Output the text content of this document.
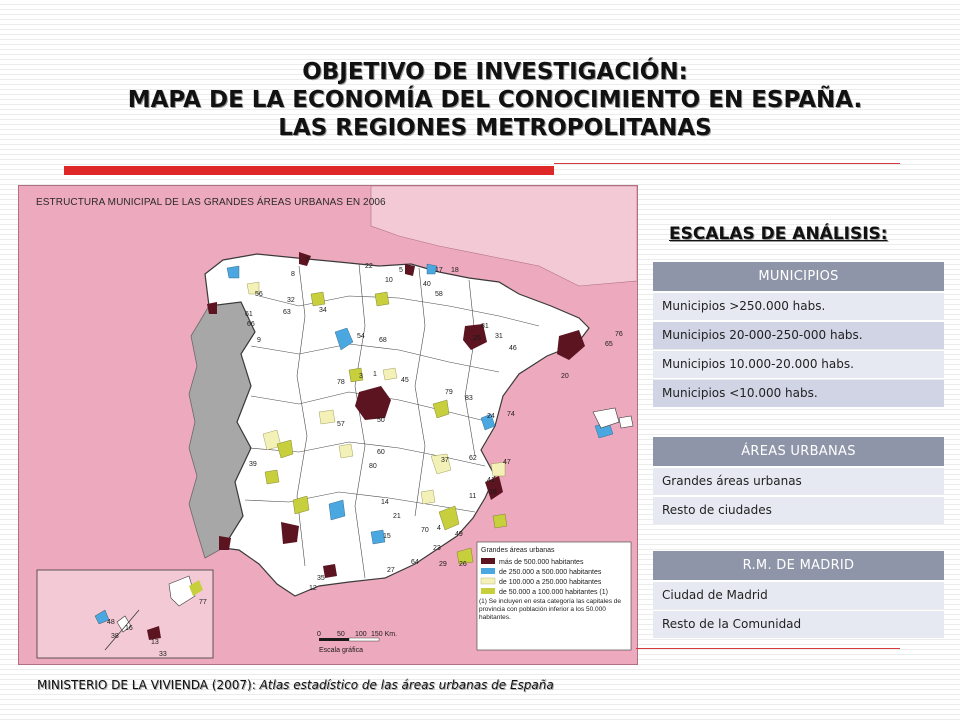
OBJETIVO DE INVESTIGACIÓN:
MAPA DE LA ECONOMÍA DEL CONOCIMIENTO EN ESPAÑA.
LAS REGIONES METROPOLITANAS
Grandes áreas urbanas
más de 500.000 habitantes
de 250.000 a 500.000 habitantes
de 100.000 a 250.000 habitantes
de 50.000 a 100.000 habitantes (1)
(1) Se incluyen en esta categoría las capitales de provincia con población inferior a los 50.000 habitantes.
0 50 100 150 Km.
Escala gráfica
7
22
5	17 18
10
40
58
56
61
32
34
63
66
9
8
81
25 31
46
54
68
3
76
65
20
78
1
45
79
83
57
50
24 74
60
37	62
47
41
39	80
28
11
14
4
49
70
21
15
23
29 26
35
12
27
64
48
16
38
13
33
77
ESTRUCTURA MUNICIPAL DE LAS GRANDES ÁREAS URBANAS EN 2006
MINISTERIO DE LA VIVIENDA (2007): Atlas estadístico de las áreas urbanas de España
ESCALAS DE ANÁLISIS:
MUNICIPIOS
Municipios >250.000 habs.
Municipios 20-000-250-000 habs.
Municipios 10.000-20.000 habs.
Municipios <10.000 habs.
ÁREAS URBANAS
Grandes áreas urbanas
Resto de ciudades
R.M. DE MADRID
Ciudad de Madrid
Resto de la Comunidad
